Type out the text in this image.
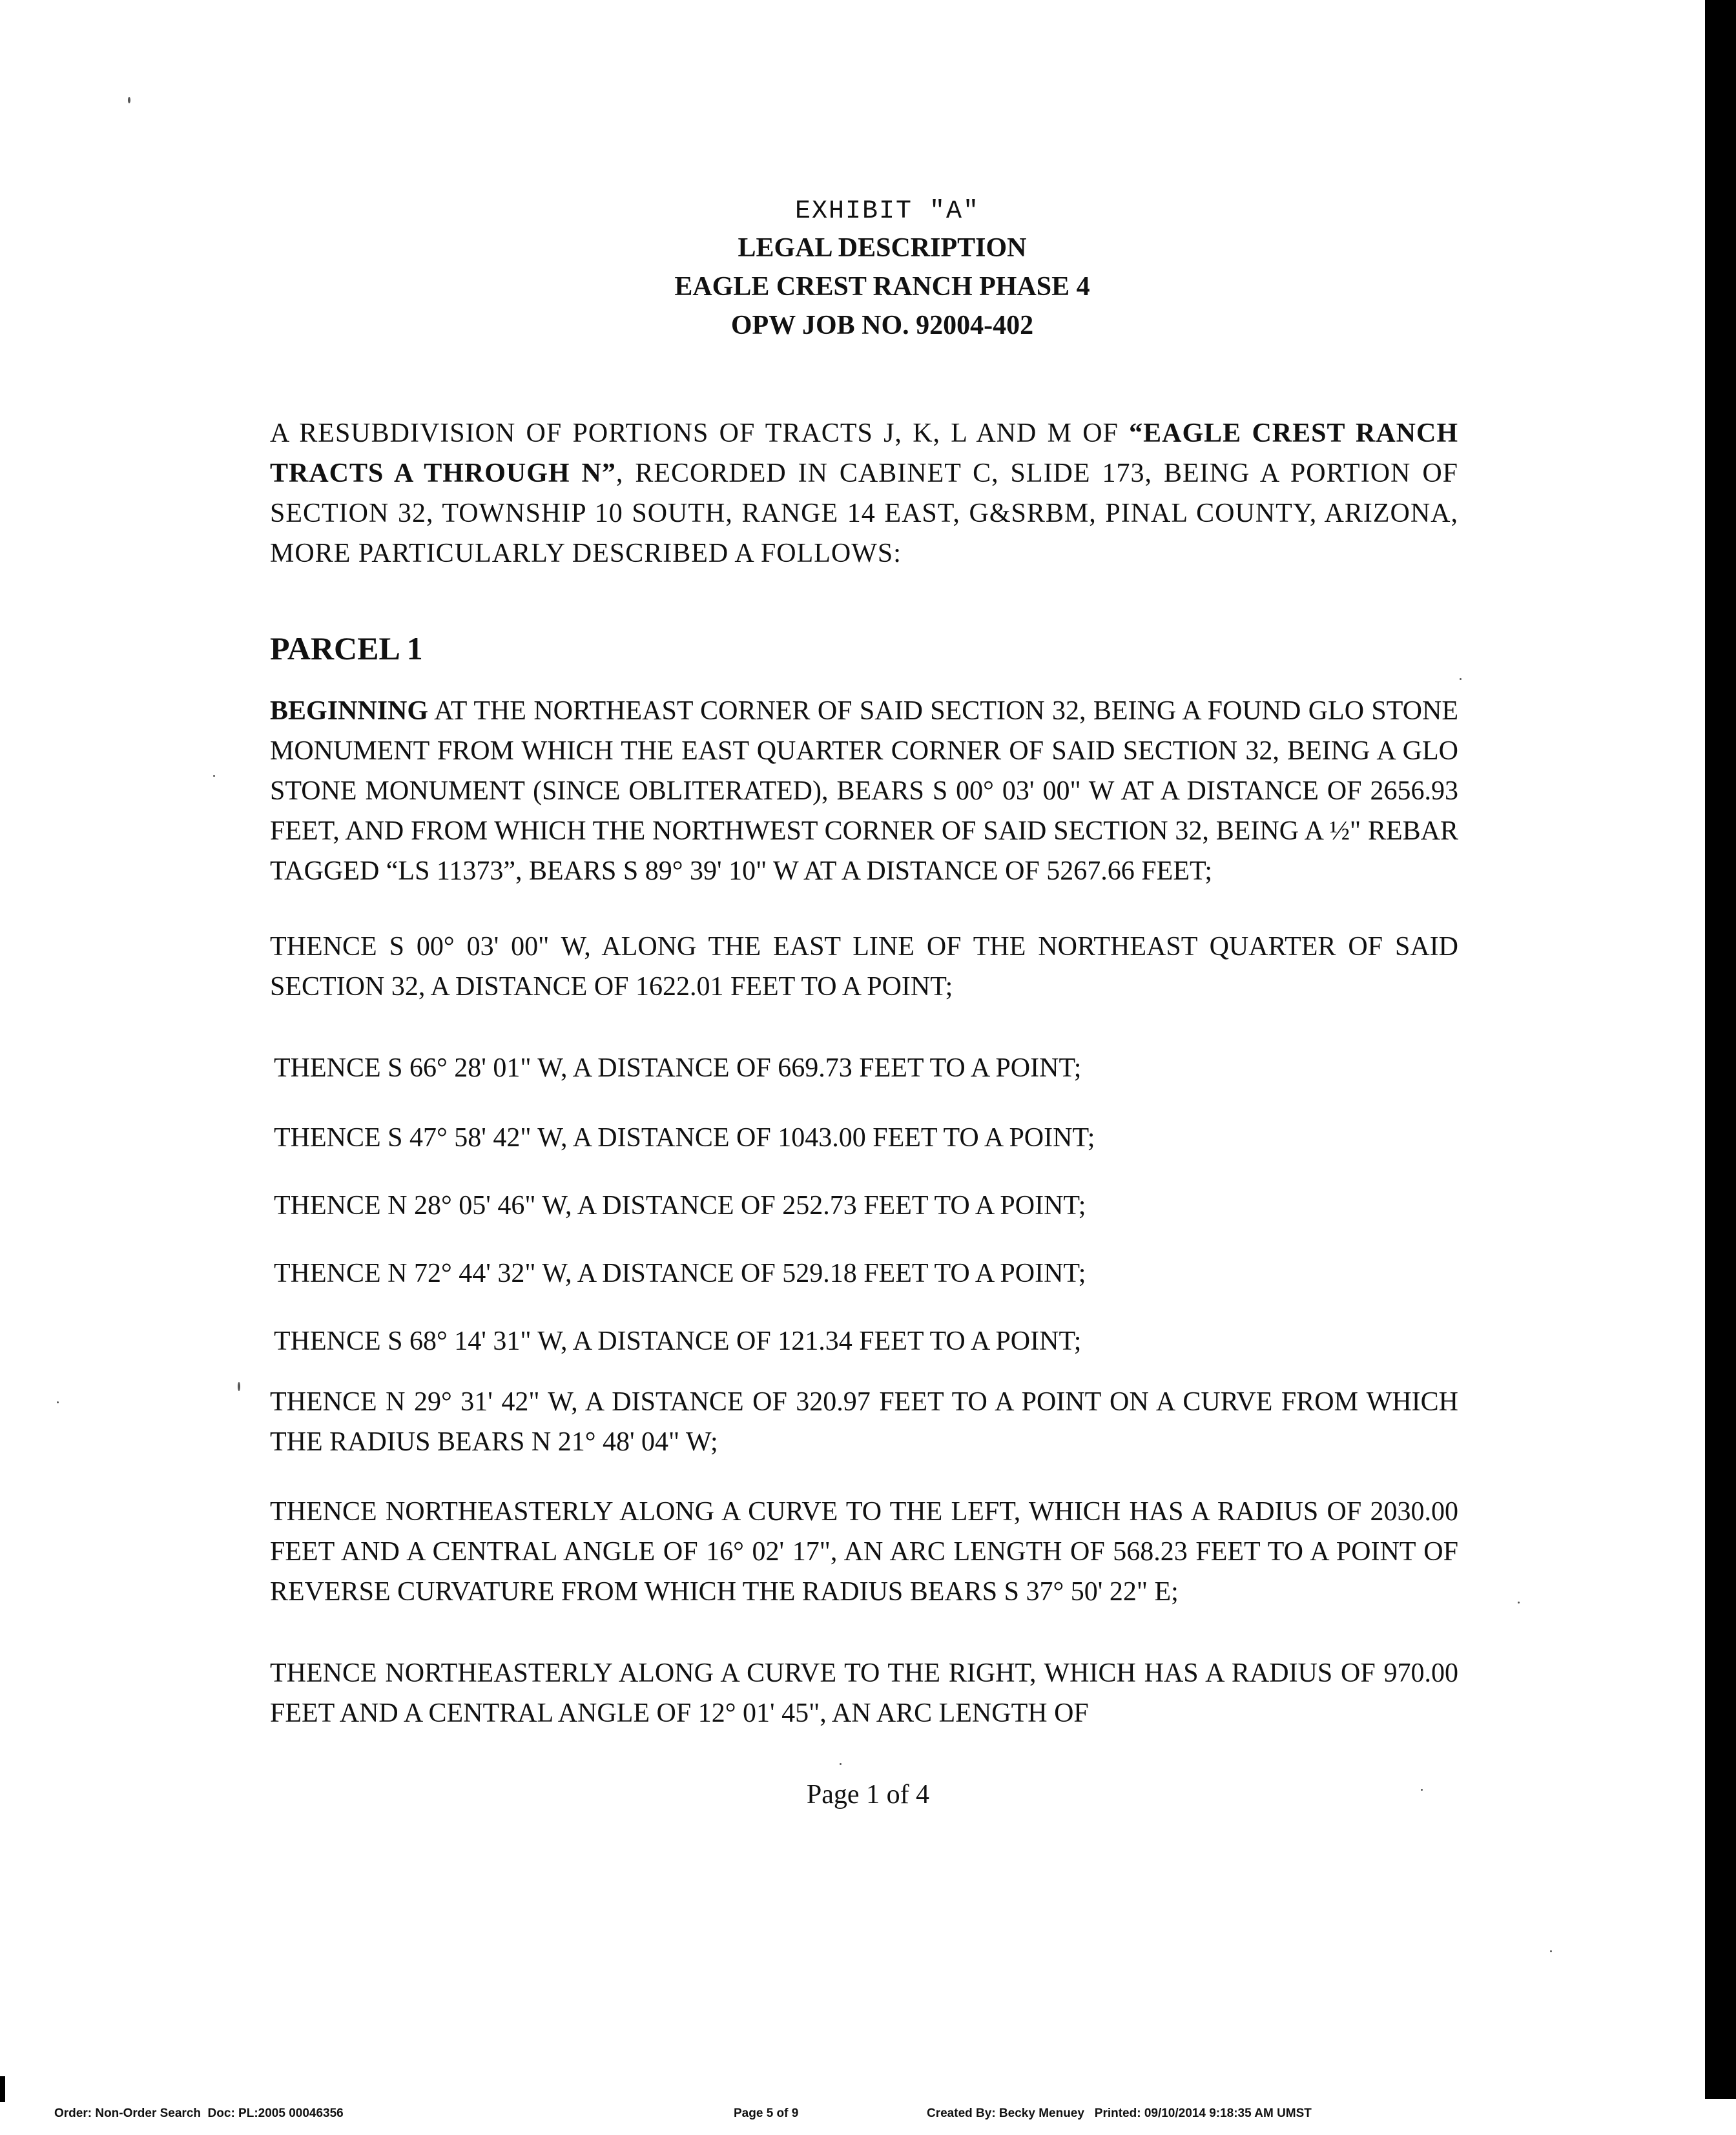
EXHIBIT "A"
LEGAL DESCRIPTION
EAGLE CREST RANCH PHASE 4
OPW JOB NO. 92004-402
A RESUBDIVISION OF PORTIONS OF TRACTS J, K, L AND M OF “EAGLE CREST RANCH TRACTS A THROUGH N”, RECORDED IN CABINET C, SLIDE 173, BEING A PORTION OF SECTION 32, TOWNSHIP 10 SOUTH, RANGE 14 EAST, G&SRBM, PINAL COUNTY, ARIZONA, MORE PARTICULARLY DESCRIBED A FOLLOWS:
PARCEL 1
BEGINNING AT THE NORTHEAST CORNER OF SAID SECTION 32, BEING A FOUND GLO STONE MONUMENT FROM WHICH THE EAST QUARTER CORNER OF SAID SECTION 32, BEING A GLO STONE MONUMENT (SINCE OBLITERATED), BEARS S 00° 03' 00" W AT A DISTANCE OF 2656.93 FEET, AND FROM WHICH THE NORTHWEST CORNER OF SAID SECTION 32, BEING A ½" REBAR TAGGED “LS 11373”, BEARS S 89° 39' 10" W AT A DISTANCE OF 5267.66 FEET;
THENCE S 00° 03' 00" W, ALONG THE EAST LINE OF THE NORTHEAST QUARTER OF SAID SECTION 32, A DISTANCE OF 1622.01 FEET TO A POINT;
THENCE S 66° 28' 01" W, A DISTANCE OF 669.73 FEET TO A POINT;
THENCE S 47° 58' 42" W, A DISTANCE OF 1043.00 FEET TO A POINT;
THENCE N 28° 05' 46" W, A DISTANCE OF 252.73 FEET TO A POINT;
THENCE N 72° 44' 32" W, A DISTANCE OF 529.18 FEET TO A POINT;
THENCE S 68° 14' 31" W, A DISTANCE OF 121.34 FEET TO A POINT;
THENCE N 29° 31' 42" W, A DISTANCE OF 320.97 FEET TO A POINT ON A CURVE FROM WHICH THE RADIUS BEARS N 21° 48' 04" W;
THENCE NORTHEASTERLY ALONG A CURVE TO THE LEFT, WHICH HAS A RADIUS OF 2030.00 FEET AND A CENTRAL ANGLE OF 16° 02' 17", AN ARC LENGTH OF 568.23 FEET TO A POINT OF REVERSE CURVATURE FROM WHICH THE RADIUS BEARS S 37° 50' 22" E;
THENCE NORTHEASTERLY ALONG A CURVE TO THE RIGHT, WHICH HAS A RADIUS OF 970.00 FEET AND A CENTRAL ANGLE OF 12° 01' 45", AN ARC LENGTH OF
Page 1 of 4
Order: Non-Order Search  Doc: PL:2005 00046356	Page 5 of 9	Created By: Becky Menuey   Printed: 09/10/2014 9:18:35 AM UMST
